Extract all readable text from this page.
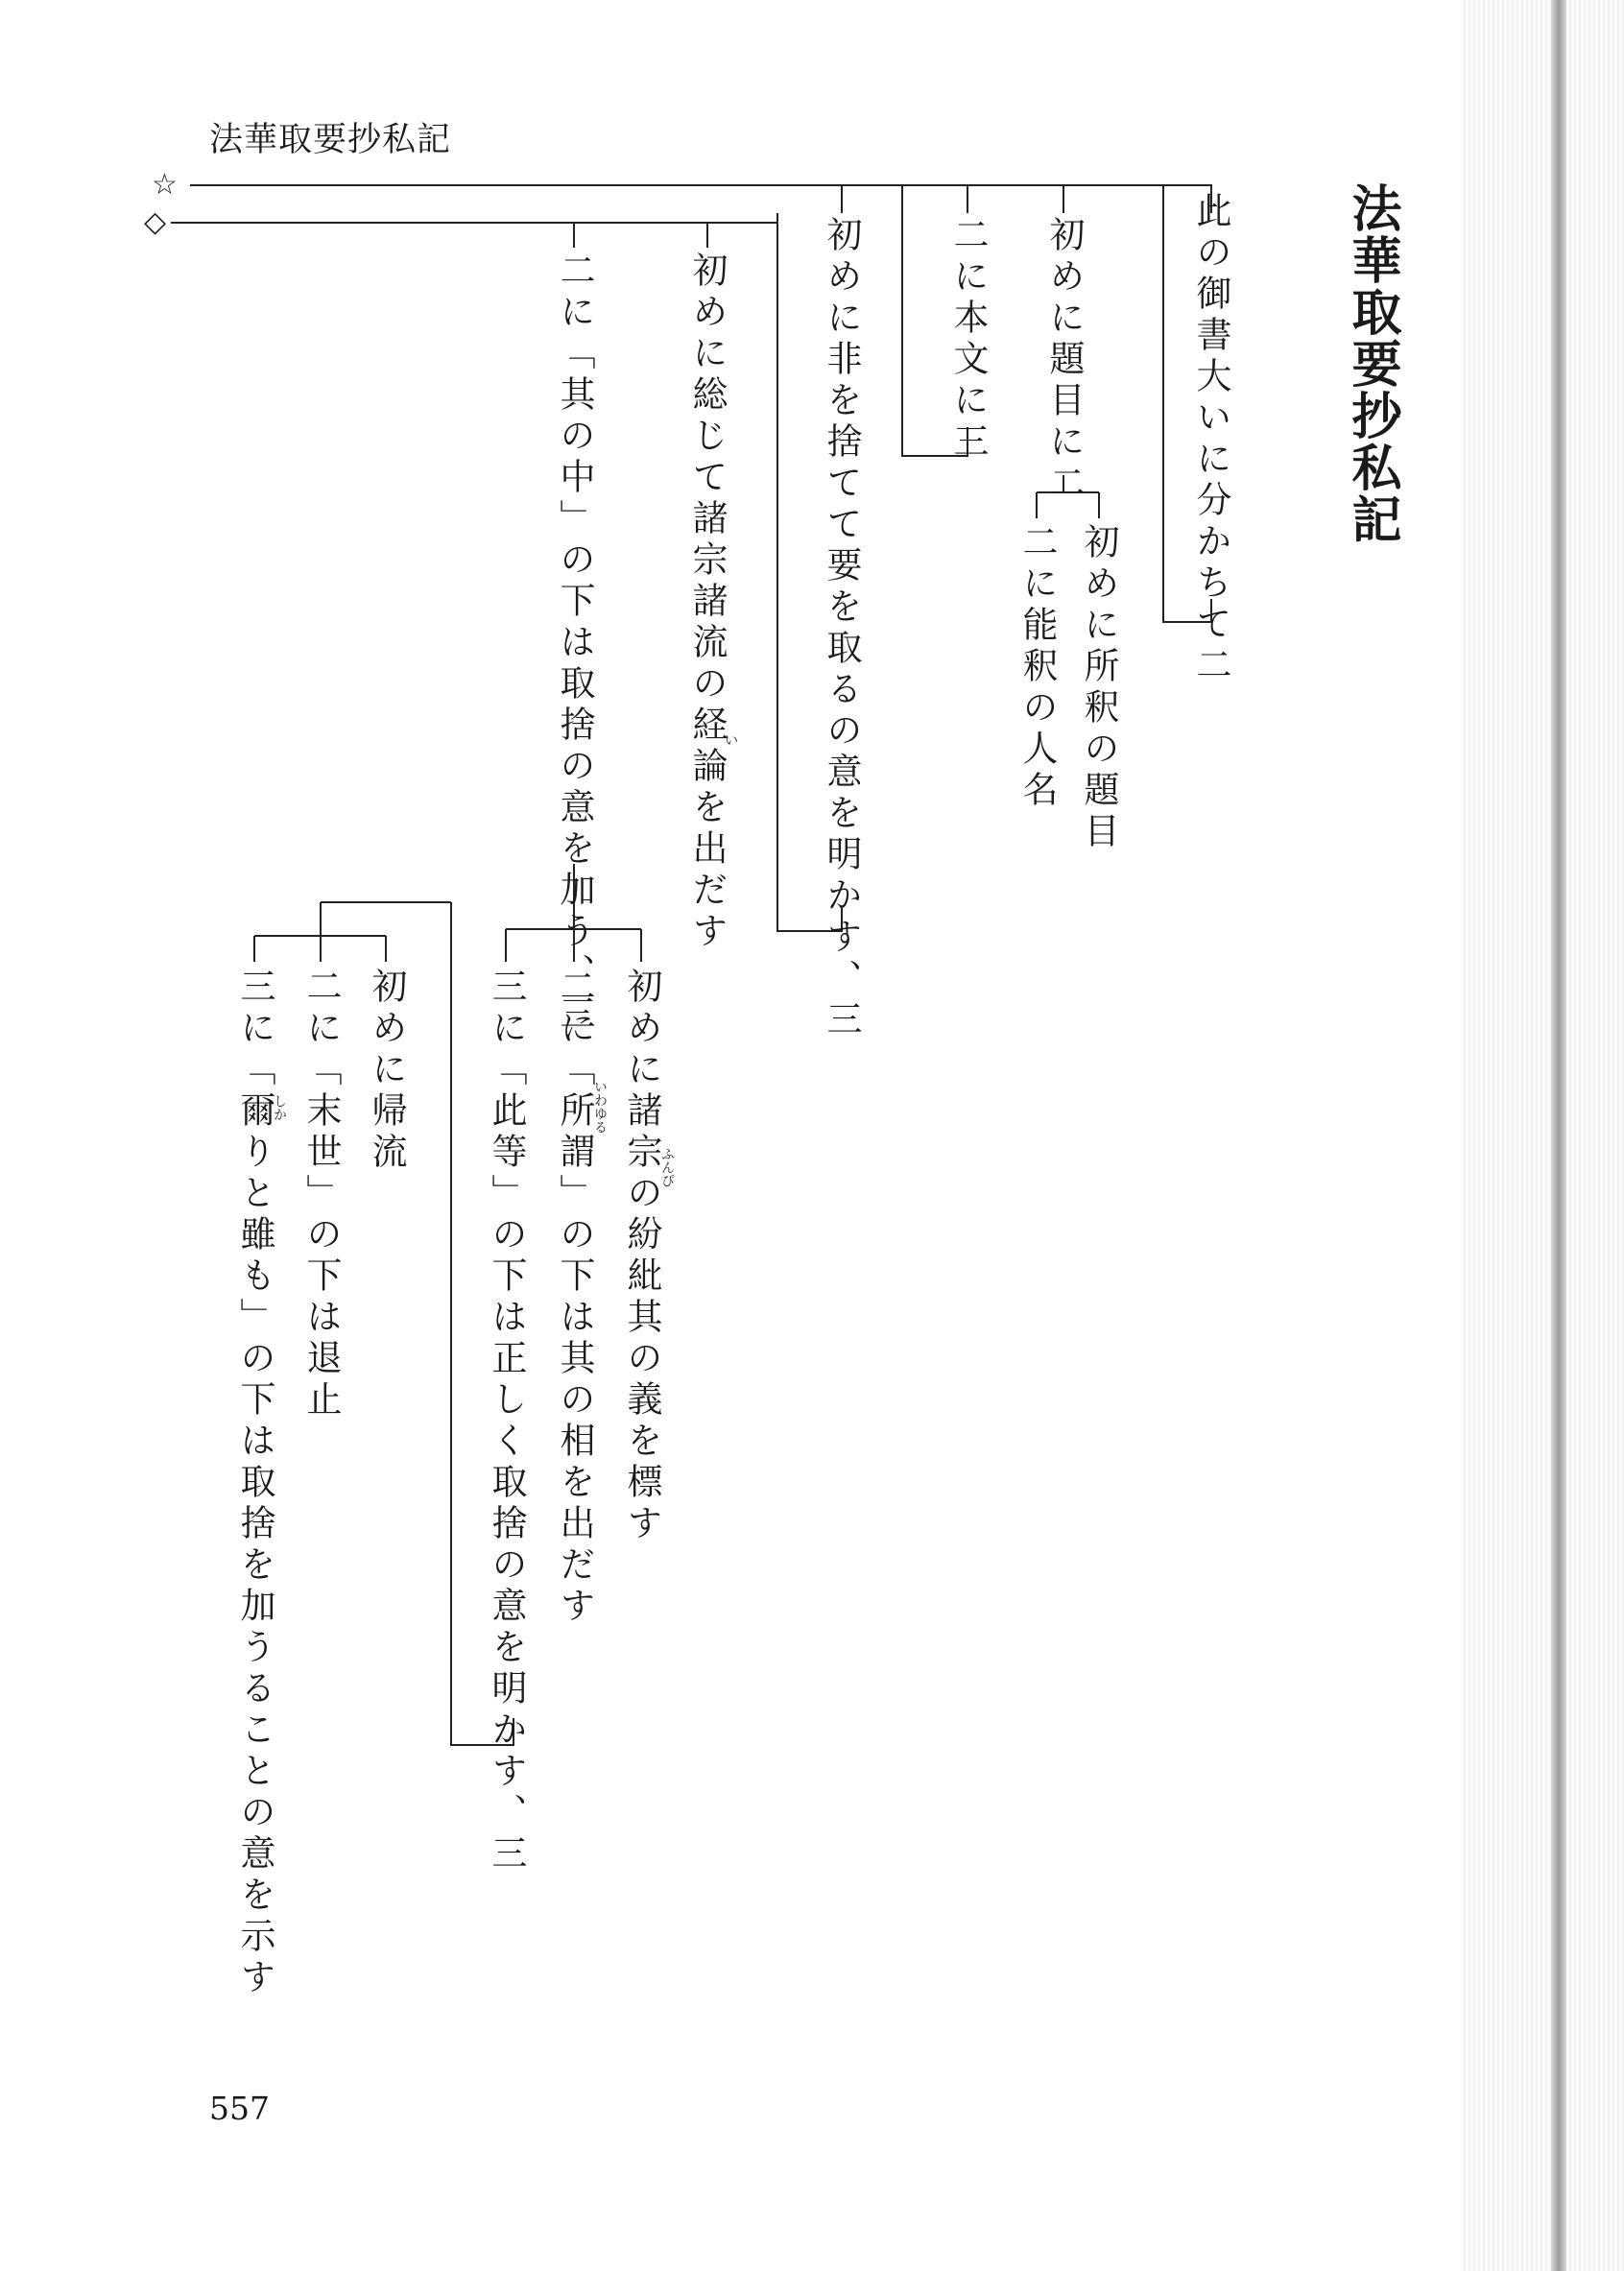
法華取要抄私記
法華取要抄私記
557
☆
◇	此の御書大いに分かちて二
初めに題目に二
初めに所釈の題目
二に能釈の人名
二に本文に三
初めに非を捨てて要を取るの意を明かす、三
初めに総じて諸宗諸流の経論を出だす
い
二に「其の中」の下は取捨の意を加う、三
初めに諸宗の紛紕其の義を標す
ふんぴ
二に「所謂」の下は其の相を出だす
いわゆる
三に「此等」の下は正しく取捨の意を明かす、三
初めに帰流
二に「末世」の下は退止
三に「爾りと雖も」の下は取捨を加うることの意を示す
しか
